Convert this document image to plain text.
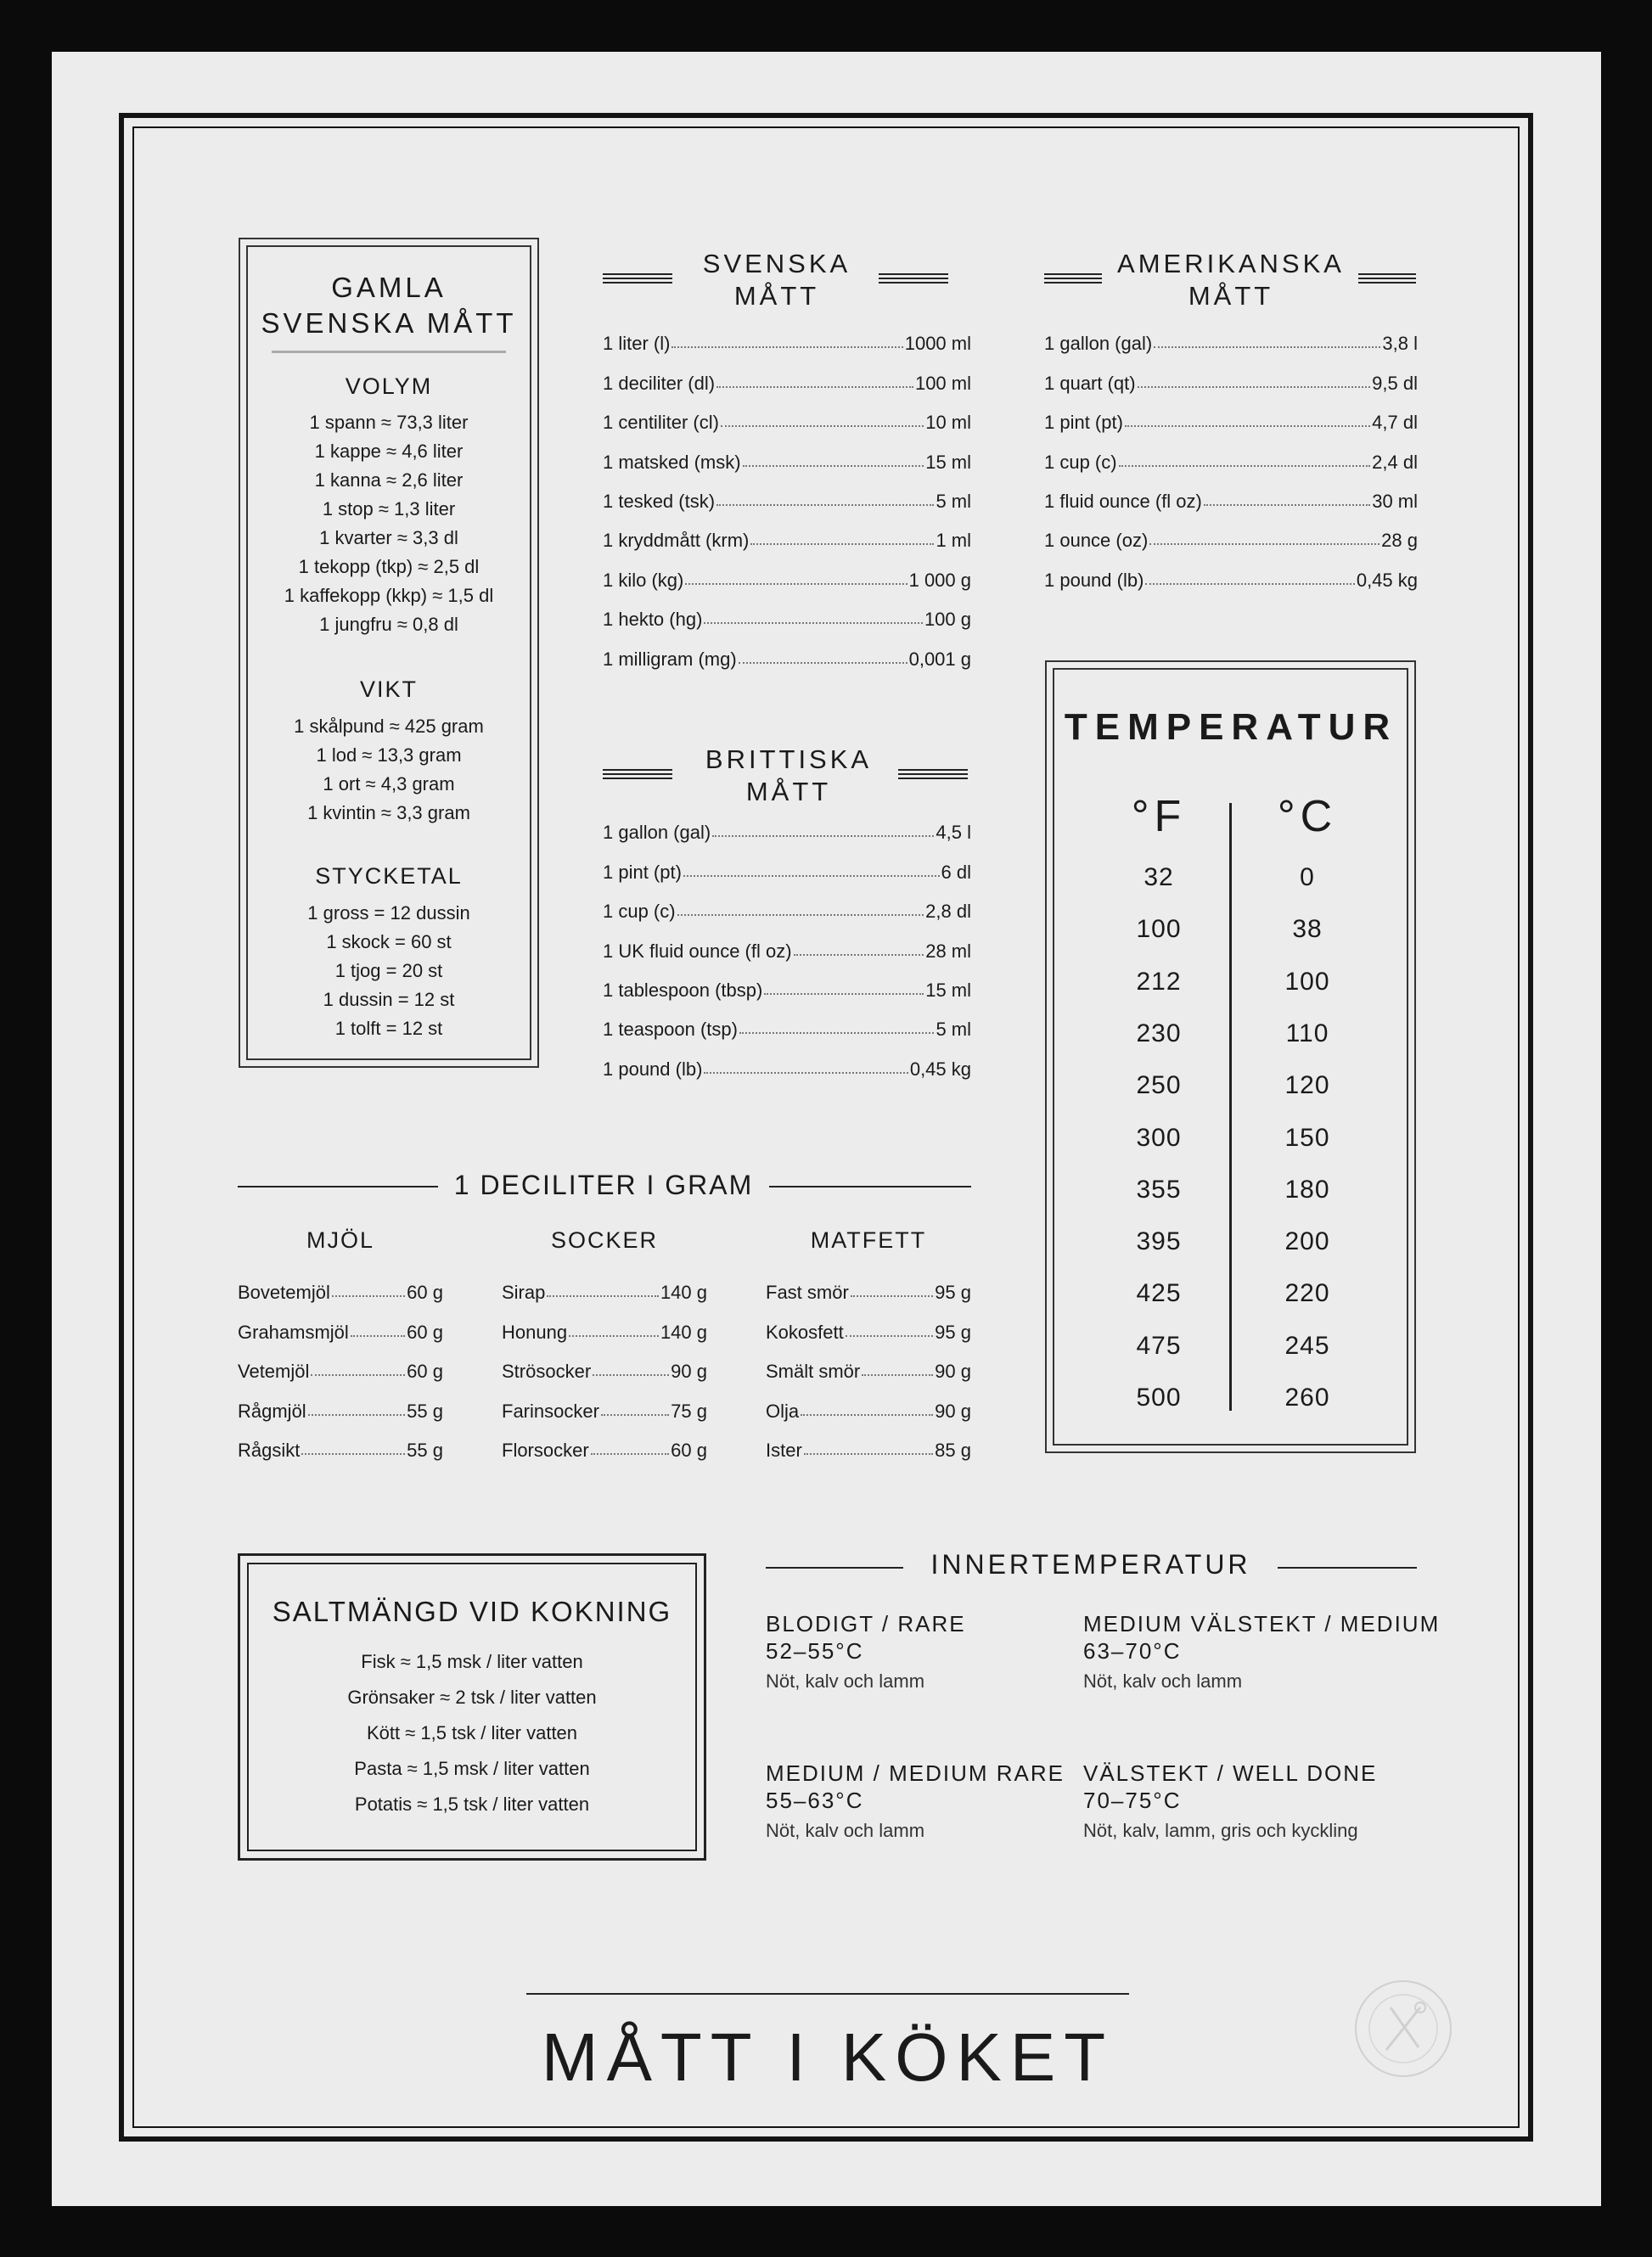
GAMLA
SVENSKA MÅTT
VOLYM
1 spann ≈ 73,3 liter
1 kappe ≈ 4,6 liter
1 kanna ≈ 2,6 liter
1 stop ≈ 1,3 liter
1 kvarter ≈ 3,3 dl
1 tekopp (tkp) ≈ 2,5 dl
1 kaffekopp (kkp) ≈ 1,5 dl
1 jungfru ≈ 0,8 dl
VIKT
1 skålpund ≈ 425 gram
1 lod ≈ 13,3 gram
1 ort ≈ 4,3 gram
1 kvintin ≈ 3,3 gram
STYCKETAL
1 gross = 12 dussin
1 skock = 60 st
1 tjog = 20 st
1 dussin = 12 st
1 tolft = 12 st
SVENSKA
MÅTT
1 liter (l)	1000 ml
1 deciliter (dl)	100 ml
1 centiliter (cl)	10 ml
1 matsked (msk)	15 ml
1 tesked (tsk)	5 ml
1 kryddmått (krm)	1 ml
1 kilo (kg)	1 000 g
1 hekto (hg)	100 g
1 milligram (mg)	0,001 g
AMERIKANSKA
MÅTT
1 gallon (gal)	3,8 l
1 quart (qt)	9,5 dl
1 pint (pt)	4,7 dl
1 cup (c)	2,4 dl
1 fluid ounce (fl oz)	30 ml
1 ounce (oz)	28 g
1 pound (lb)	0,45 kg
BRITTISKA
MÅTT
1 gallon (gal)	4,5 l
1 pint (pt)	6 dl
1 cup (c)	2,8 dl
1 UK fluid ounce (fl oz)	28 ml
1 tablespoon (tbsp)	15 ml
1 teaspoon (tsp)	5 ml
1 pound (lb)	0,45 kg
TEMPERATUR
°F	°C
32	0
100	38
212	100
230	110
250	120
300	150
355	180
395	200
425	220
475	245
500	260
1 DECILITER I GRAM
MJÖL
Bovetemjöl	60 g
Grahamsmjöl	60 g
Vetemjöl	60 g
Rågmjöl	55 g
Rågsikt	55 g
SOCKER
Sirap	140 g
Honung	140 g
Strösocker	90 g
Farinsocker	75 g
Florsocker	60 g
MATFETT
Fast smör	95 g
Kokosfett	95 g
Smält smör	90 g
Olja	90 g
Ister	85 g
SALTMÄNGD VID KOKNING
Fisk ≈ 1,5 msk / liter vatten
Grönsaker ≈ 2 tsk / liter vatten
Kött ≈ 1,5 tsk / liter vatten
Pasta ≈ 1,5 msk / liter vatten
Potatis ≈ 1,5 tsk / liter vatten
INNERTEMPERATUR
BLODIGT / RARE
52–55°C
Nöt, kalv och lamm
MEDIUM VÄLSTEKT / MEDIUM
63–70°C
Nöt, kalv och lamm
MEDIUM / MEDIUM RARE
55–63°C
Nöt, kalv och lamm
VÄLSTEKT / WELL DONE
70–75°C
Nöt, kalv, lamm, gris och kyckling
MÅTT I KÖKET
